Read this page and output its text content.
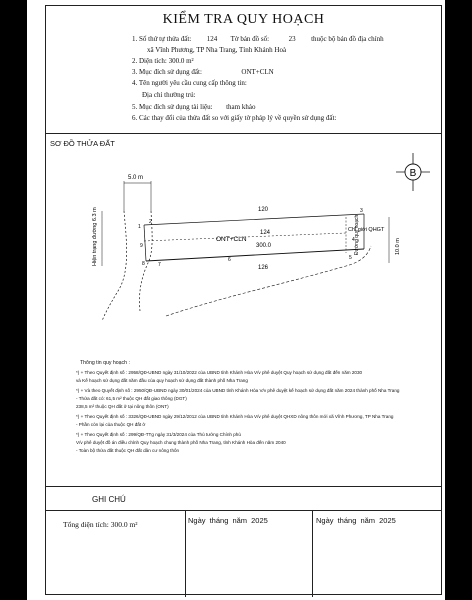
KIỂM TRA QUY HOẠCH
1. Số thứ tự thửa đất: 124 Tờ bản đồ số:	23 thuộc bộ bản đồ địa chính
xã Vĩnh Phương, TP Nha Trang, Tỉnh Khánh Hoà
2. Diện tích: 300.0 m²
3. Mục đích sử dụng đất:	ONT+CLN
4. Tên người yêu cầu cung cấp thông tin:
Địa chỉ thường trú:
5. Mục đích sử dụng tài liệu: tham khảo
6. Các thay đổi của thửa đất so với giấy tờ pháp lý về quyền sử dụng đất:
SƠ ĐỒ THỬA ĐẤT
B
5.0 m
Hiện trạng đường 6.3 m	10.0 m
Đường quy hoạch
120
124
ONT+CLN
300.0
126
Chỉ giới QHGT
1
2
3
4
5
6
7
8
9
Thông tin quy hoạch :
*) + Theo Quyết định số : 2958/QĐ-UBND ngày 31/10/2022 của UBND tỉnh Khánh Hòa V/v phê duyệt Quy hoạch sử dụng đất đến năm 2030
và Kế hoạch sử dụng đất năm đầu của quy hoạch sử dụng đất thành phố Nha Trang
*) + Và theo Quyết định số : 2950/QĐ-UBND ngày 30/01/2024 của UBND tỉnh Khánh Hòa V/v phê duyệt kế hoạch sử dụng đất năm 2024 thành phố Nha Trang
- Thửa đất có: 61,5 m² thuộc QH đất giao thông (DGT)
238,5 m² thuộc QH đất ở tại nông thôn (ONT)
*) + Theo Quyết định số : 3326/QĐ-UBND ngày 29/12/2012 của UBND tỉnh Khánh Hòa V/v phê duyệt QHXD nông thôn mới xã Vĩnh Phương, TP Nha Trang
- Phần còn lại của thuộc QH đất ở
*) + Theo Quyết định số : 299/QĐ-TTg ngày 31/3/2024 của Thủ tướng Chính phủ
V/v phê duyệt đồ án điều chỉnh Quy hoạch chung thành phố Nha Trang, tỉnh Khánh Hòa đến năm 2040
- Toàn bộ thửa đất thuộc QH đất dân cư nông thôn
GHI CHÚ
Tổng diện tích: 300.0 m²	Ngày tháng năm 2025	Ngày tháng năm 2025
